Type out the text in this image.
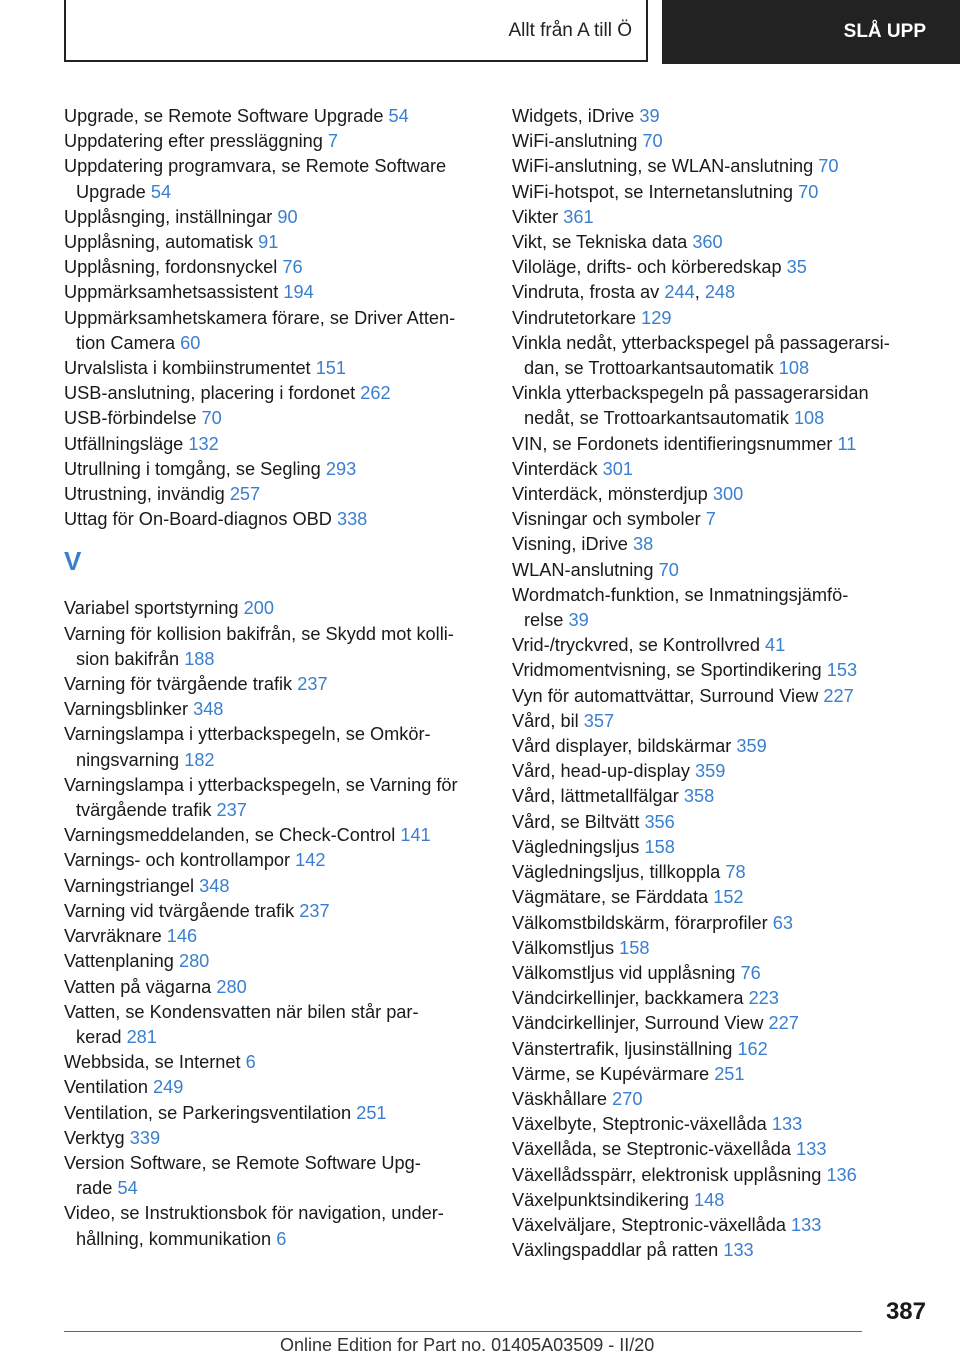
Allt från A till Ö	SLÅ UPP
Upgrade, se Remote Software Upgrade 54
Uppdatering efter pressläggning 7
Uppdatering programvara, se Remote Software
Upgrade 54
Upplåsnging, inställningar 90
Upplåsning, automatisk 91
Upplåsning, fordonsnyckel 76
Uppmärksamhetsassistent 194
Uppmärksamhetskamera förare, se Driver Atten-
tion Camera 60
Urvalslista i kombiinstrumentet 151
USB-anslutning, placering i fordonet 262
USB-förbindelse 70
Utfällningsläge 132
Utrullning i tomgång, se Segling 293
Utrustning, invändig 257
Uttag för On-Board-diagnos OBD 338
V
Variabel sportstyrning 200
Varning för kollision bakifrån, se Skydd mot kolli-
sion bakifrån 188
Varning för tvärgående trafik 237
Varningsblinker 348
Varningslampa i ytterbackspegeln, se Omkör-
ningsvarning 182
Varningslampa i ytterbackspegeln, se Varning för
tvärgående trafik 237
Varningsmeddelanden, se Check-Control 141
Varnings- och kontrollampor 142
Varningstriangel 348
Varning vid tvärgående trafik 237
Varvräknare 146
Vattenplaning 280
Vatten på vägarna 280
Vatten, se Kondensvatten när bilen står par-
kerad 281
Webbsida, se Internet 6
Ventilation 249
Ventilation, se Parkeringsventilation 251
Verktyg 339
Version Software, se Remote Software Upg-
rade 54
Video, se Instruktionsbok för navigation, under-
hållning, kommunikation 6
Widgets, iDrive 39
WiFi-anslutning 70
WiFi-anslutning, se WLAN-anslutning 70
WiFi-hotspot, se Internetanslutning 70
Vikter 361
Vikt, se Tekniska data 360
Viloläge, drifts- och körberedskap 35
Vindruta, frosta av 244, 248
Vindrutetorkare 129
Vinkla nedåt, ytterbackspegel på passagerarsi-
dan, se Trottoarkantsautomatik 108
Vinkla ytterbackspegeln på passagerarsidan
nedåt, se Trottoarkantsautomatik 108
VIN, se Fordonets identifieringsnummer 11
Vinterdäck 301
Vinterdäck, mönsterdjup 300
Visningar och symboler 7
Visning, iDrive 38
WLAN-anslutning 70
Wordmatch-funktion, se Inmatningsjämfö-
relse 39
Vrid-/tryckvred, se Kontrollvred 41
Vridmomentvisning, se Sportindikering 153
Vyn för automattvättar, Surround View 227
Vård, bil 357
Vård displayer, bildskärmar 359
Vård, head-up-display 359
Vård, lättmetallfälgar 358
Vård, se Biltvätt 356
Vägledningsljus 158
Vägledningsljus, tillkoppla 78
Vägmätare, se Färddata 152
Välkomstbildskärm, förarprofiler 63
Välkomstljus 158
Välkomstljus vid upplåsning 76
Vändcirkellinjer, backkamera 223
Vändcirkellinjer, Surround View 227
Vänstertrafik, ljusinställning 162
Värme, se Kupévärmare 251
Väskhållare 270
Växelbyte, Steptronic-växellåda 133
Växellåda, se Steptronic-växellåda 133
Växellådsspärr, elektronisk upplåsning 136
Växelpunktsindikering 148
Växelväljare, Steptronic-växellåda 133
Växlingspaddlar på ratten 133
387
Online Edition for Part no. 01405A03509 - II/20
